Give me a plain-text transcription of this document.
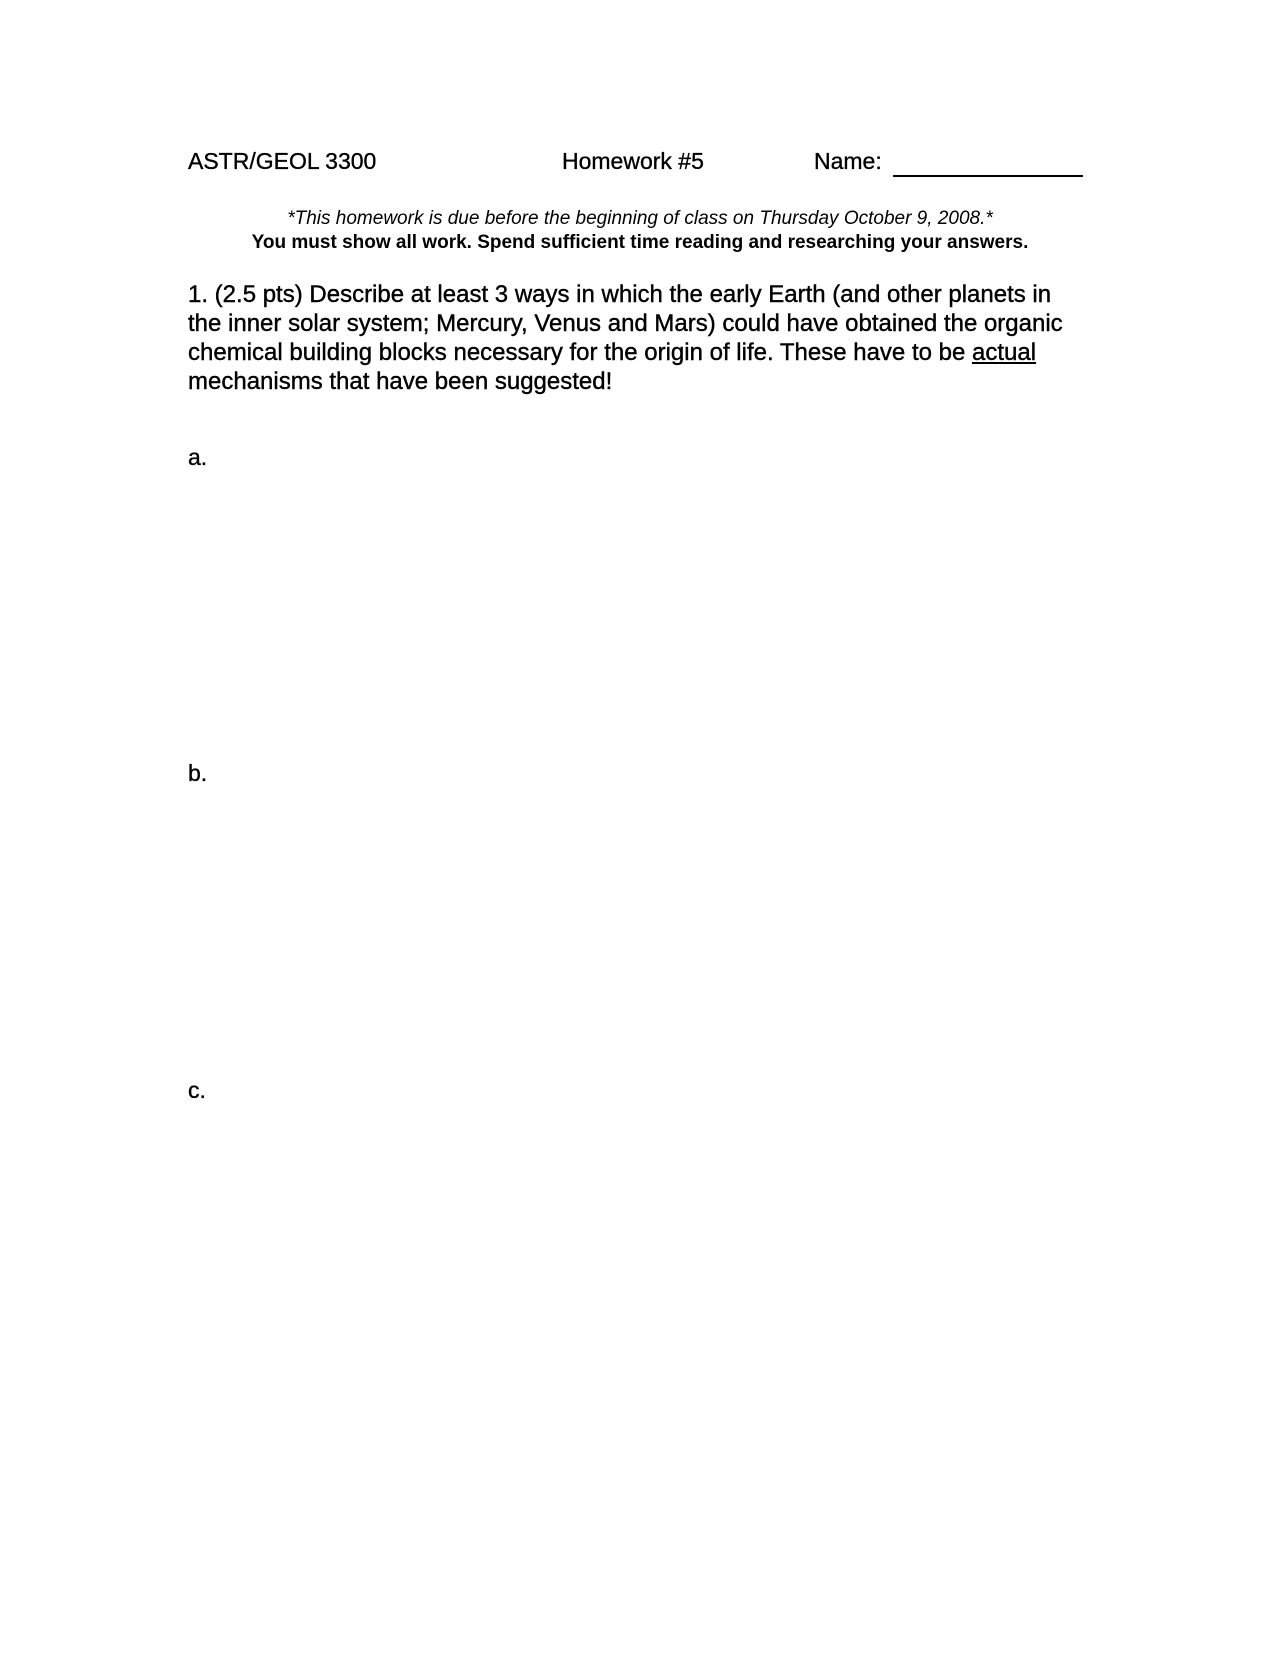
ASTR/GEOL 3300	Homework #5	Name:
*This homework is due before the beginning of class on Thursday October 9, 2008.*
You must show all work. Spend sufficient time reading and researching your answers.
1. (2.5 pts) Describe at least 3 ways in which the early Earth (and other planets in the inner solar system; Mercury, Venus and Mars) could have obtained the organic chemical building blocks necessary for the origin of life. These have to be actual mechanisms that have been suggested!
a.
b.
c.
